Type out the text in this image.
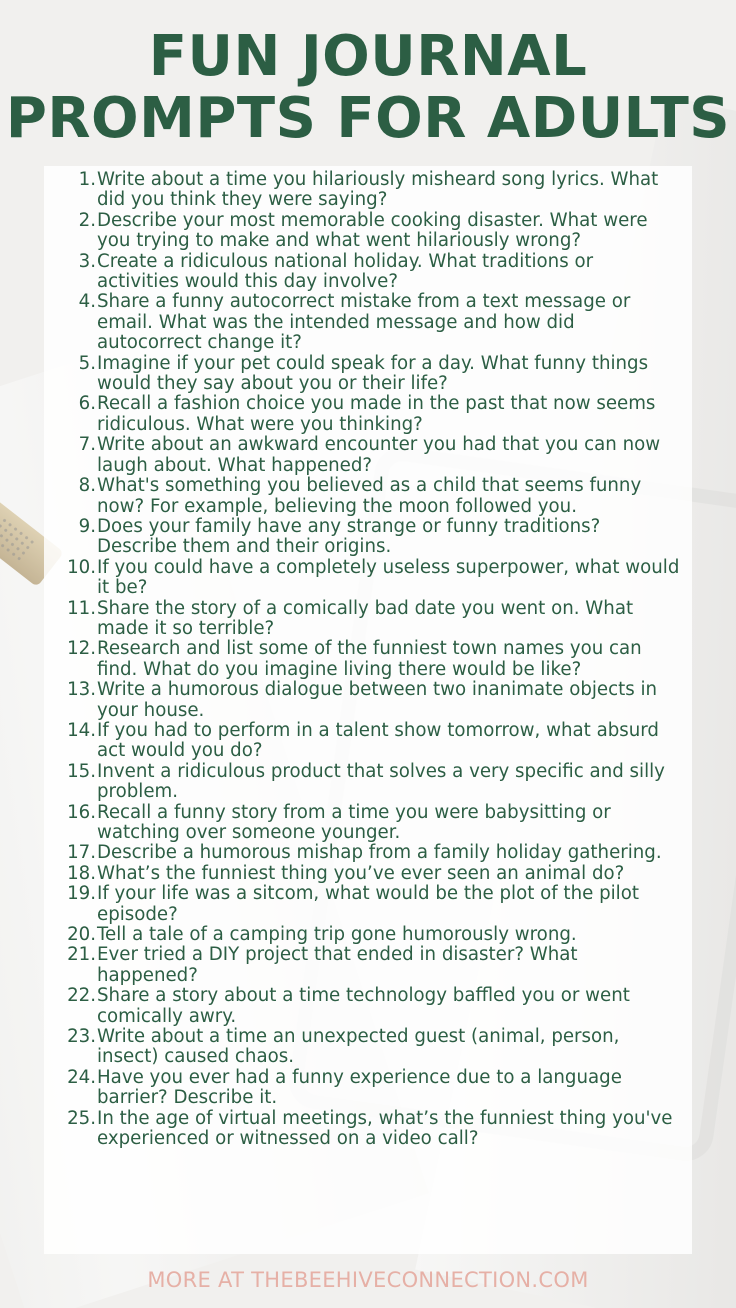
FUN JOURNAL
PROMPTS FOR ADULTS
1. Write about a time you hilariously misheard song lyrics. What did you think they were saying?
2. Describe your most memorable cooking disaster. What were you trying to make and what went hilariously wrong?
3. Create a ridiculous national holiday. What traditions or activities would this day involve?
4. Share a funny autocorrect mistake from a text message or email. What was the intended message and how did autocorrect change it?
5. Imagine if your pet could speak for a day. What funny things would they say about you or their life?
6. Recall a fashion choice you made in the past that now seems ridiculous. What were you thinking?
7. Write about an awkward encounter you had that you can now laugh about. What happened?
8. What's something you believed as a child that seems funny now? For example, believing the moon followed you.
9. Does your family have any strange or funny traditions? Describe them and their origins.
10. If you could have a completely useless superpower, what would it be?
11. Share the story of a comically bad date you went on. What made it so terrible?
12. Research and list some of the funniest town names you can find. What do you imagine living there would be like?
13. Write a humorous dialogue between two inanimate objects in your house.
14. If you had to perform in a talent show tomorrow, what absurd act would you do?
15. Invent a ridiculous product that solves a very specific and silly problem.
16. Recall a funny story from a time you were babysitting or watching over someone younger.
17. Describe a humorous mishap from a family holiday gathering.
18. What’s the funniest thing you’ve ever seen an animal do?
19. If your life was a sitcom, what would be the plot of the pilot episode?
20. Tell a tale of a camping trip gone humorously wrong.
21. Ever tried a DIY project that ended in disaster? What happened?
22. Share a story about a time technology baffled you or went comically awry.
23. Write about a time an unexpected guest (animal, person, insect) caused chaos.
24. Have you ever had a funny experience due to a language barrier? Describe it.
25. In the age of virtual meetings, what’s the funniest thing you've experienced or witnessed on a video call?
MORE AT THEBEEHIVECONNECTION.COM
